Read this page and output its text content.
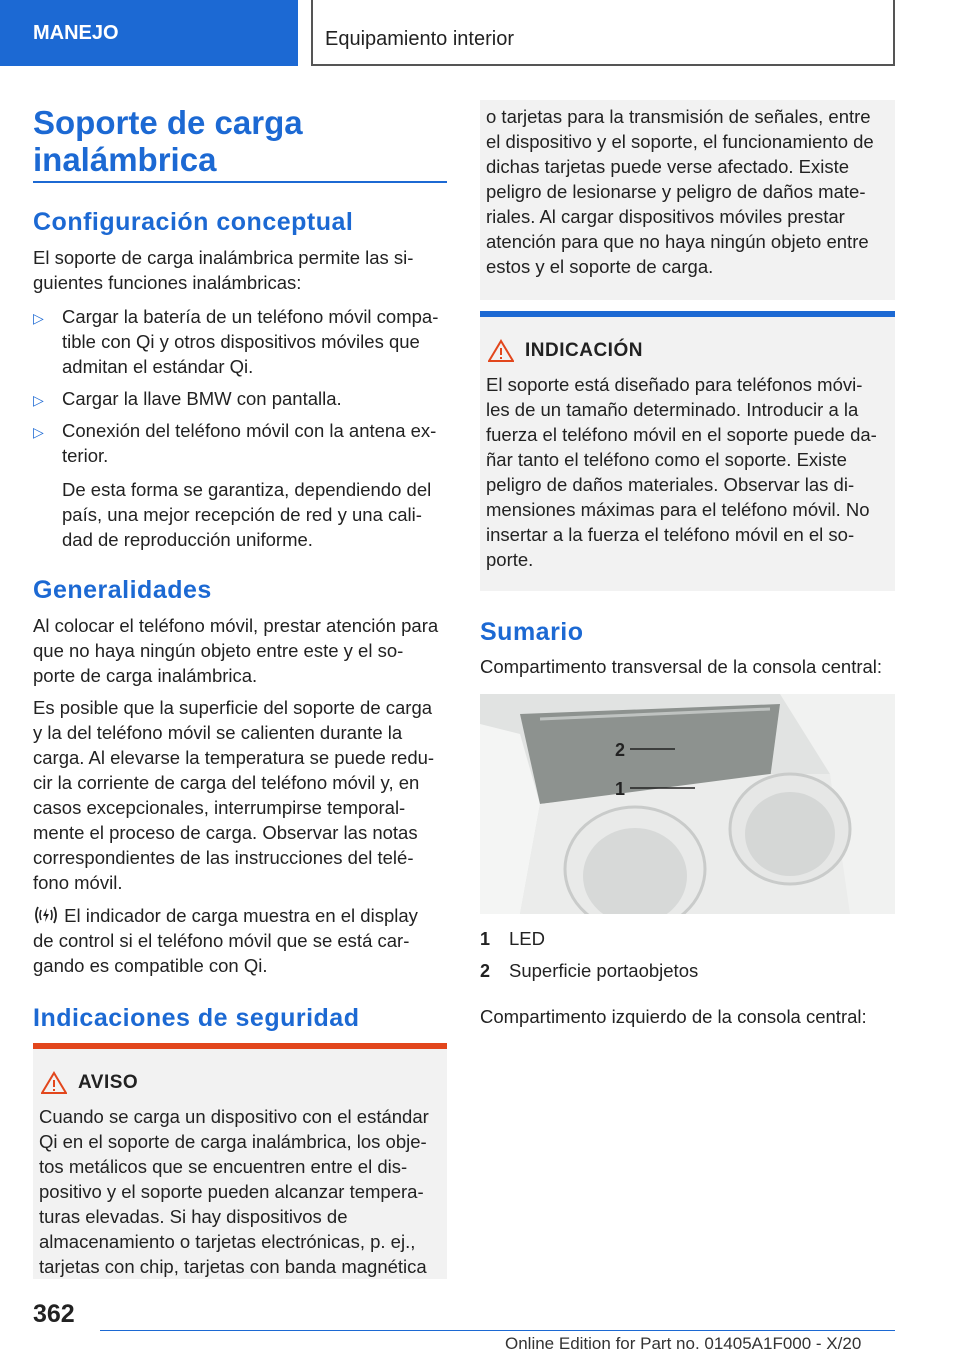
MANEJO	Equipamiento interior
Soporte de carga inalámbrica
Configuración conceptual
El soporte de carga inalámbrica permite las si-
guientes funciones inalámbricas:
▷ Cargar la batería de un teléfono móvil compa-
tible con Qi y otros dispositivos móviles que
admitan el estándar Qi.
▷ Cargar la llave BMW con pantalla.
▷ Conexión del teléfono móvil con la antena ex-
terior.
De esta forma se garantiza, dependiendo del
país, una mejor recepción de red y una cali-
dad de reproducción uniforme.
Generalidades
Al colocar el teléfono móvil, prestar atención para
que no haya ningún objeto entre este y el so-
porte de carga inalámbrica.
Es posible que la superficie del soporte de carga
y la del teléfono móvil se calienten durante la
carga. Al elevarse la temperatura se puede redu-
cir la corriente de carga del teléfono móvil y, en
casos excepcionales, interrumpirse temporal-
mente el proceso de carga. Observar las notas
correspondientes de las instrucciones del telé-
fono móvil.
El indicador de carga muestra en el display
de control si el teléfono móvil que se está car-
gando es compatible con Qi.
Indicaciones de seguridad
AVISO
Cuando se carga un dispositivo con el estándar
Qi en el soporte de carga inalámbrica, los obje-
tos metálicos que se encuentren entre el dis-
positivo y el soporte pueden alcanzar tempera-
turas elevadas. Si hay dispositivos de
almacenamiento o tarjetas electrónicas, p. ej.,
tarjetas con chip, tarjetas con banda magnética
o tarjetas para la transmisión de señales, entre
el dispositivo y el soporte, el funcionamiento de
dichas tarjetas puede verse afectado. Existe
peligro de lesionarse y peligro de daños mate-
riales. Al cargar dispositivos móviles prestar
atención para que no haya ningún objeto entre
estos y el soporte de carga.
INDICACIÓN
El soporte está diseñado para teléfonos móvi-
les de un tamaño determinado. Introducir a la
fuerza el teléfono móvil en el soporte puede da-
ñar tanto el teléfono como el soporte. Existe
peligro de daños materiales. Observar las di-
mensiones máximas para el teléfono móvil. No
insertar a la fuerza el teléfono móvil en el so-
porte.
Sumario
Compartimento transversal de la consola central:
2
1
1 LED
2 Superficie portaobjetos
Compartimento izquierdo de la consola central:
362
Online Edition for Part no. 01405A1F000 - X/20
